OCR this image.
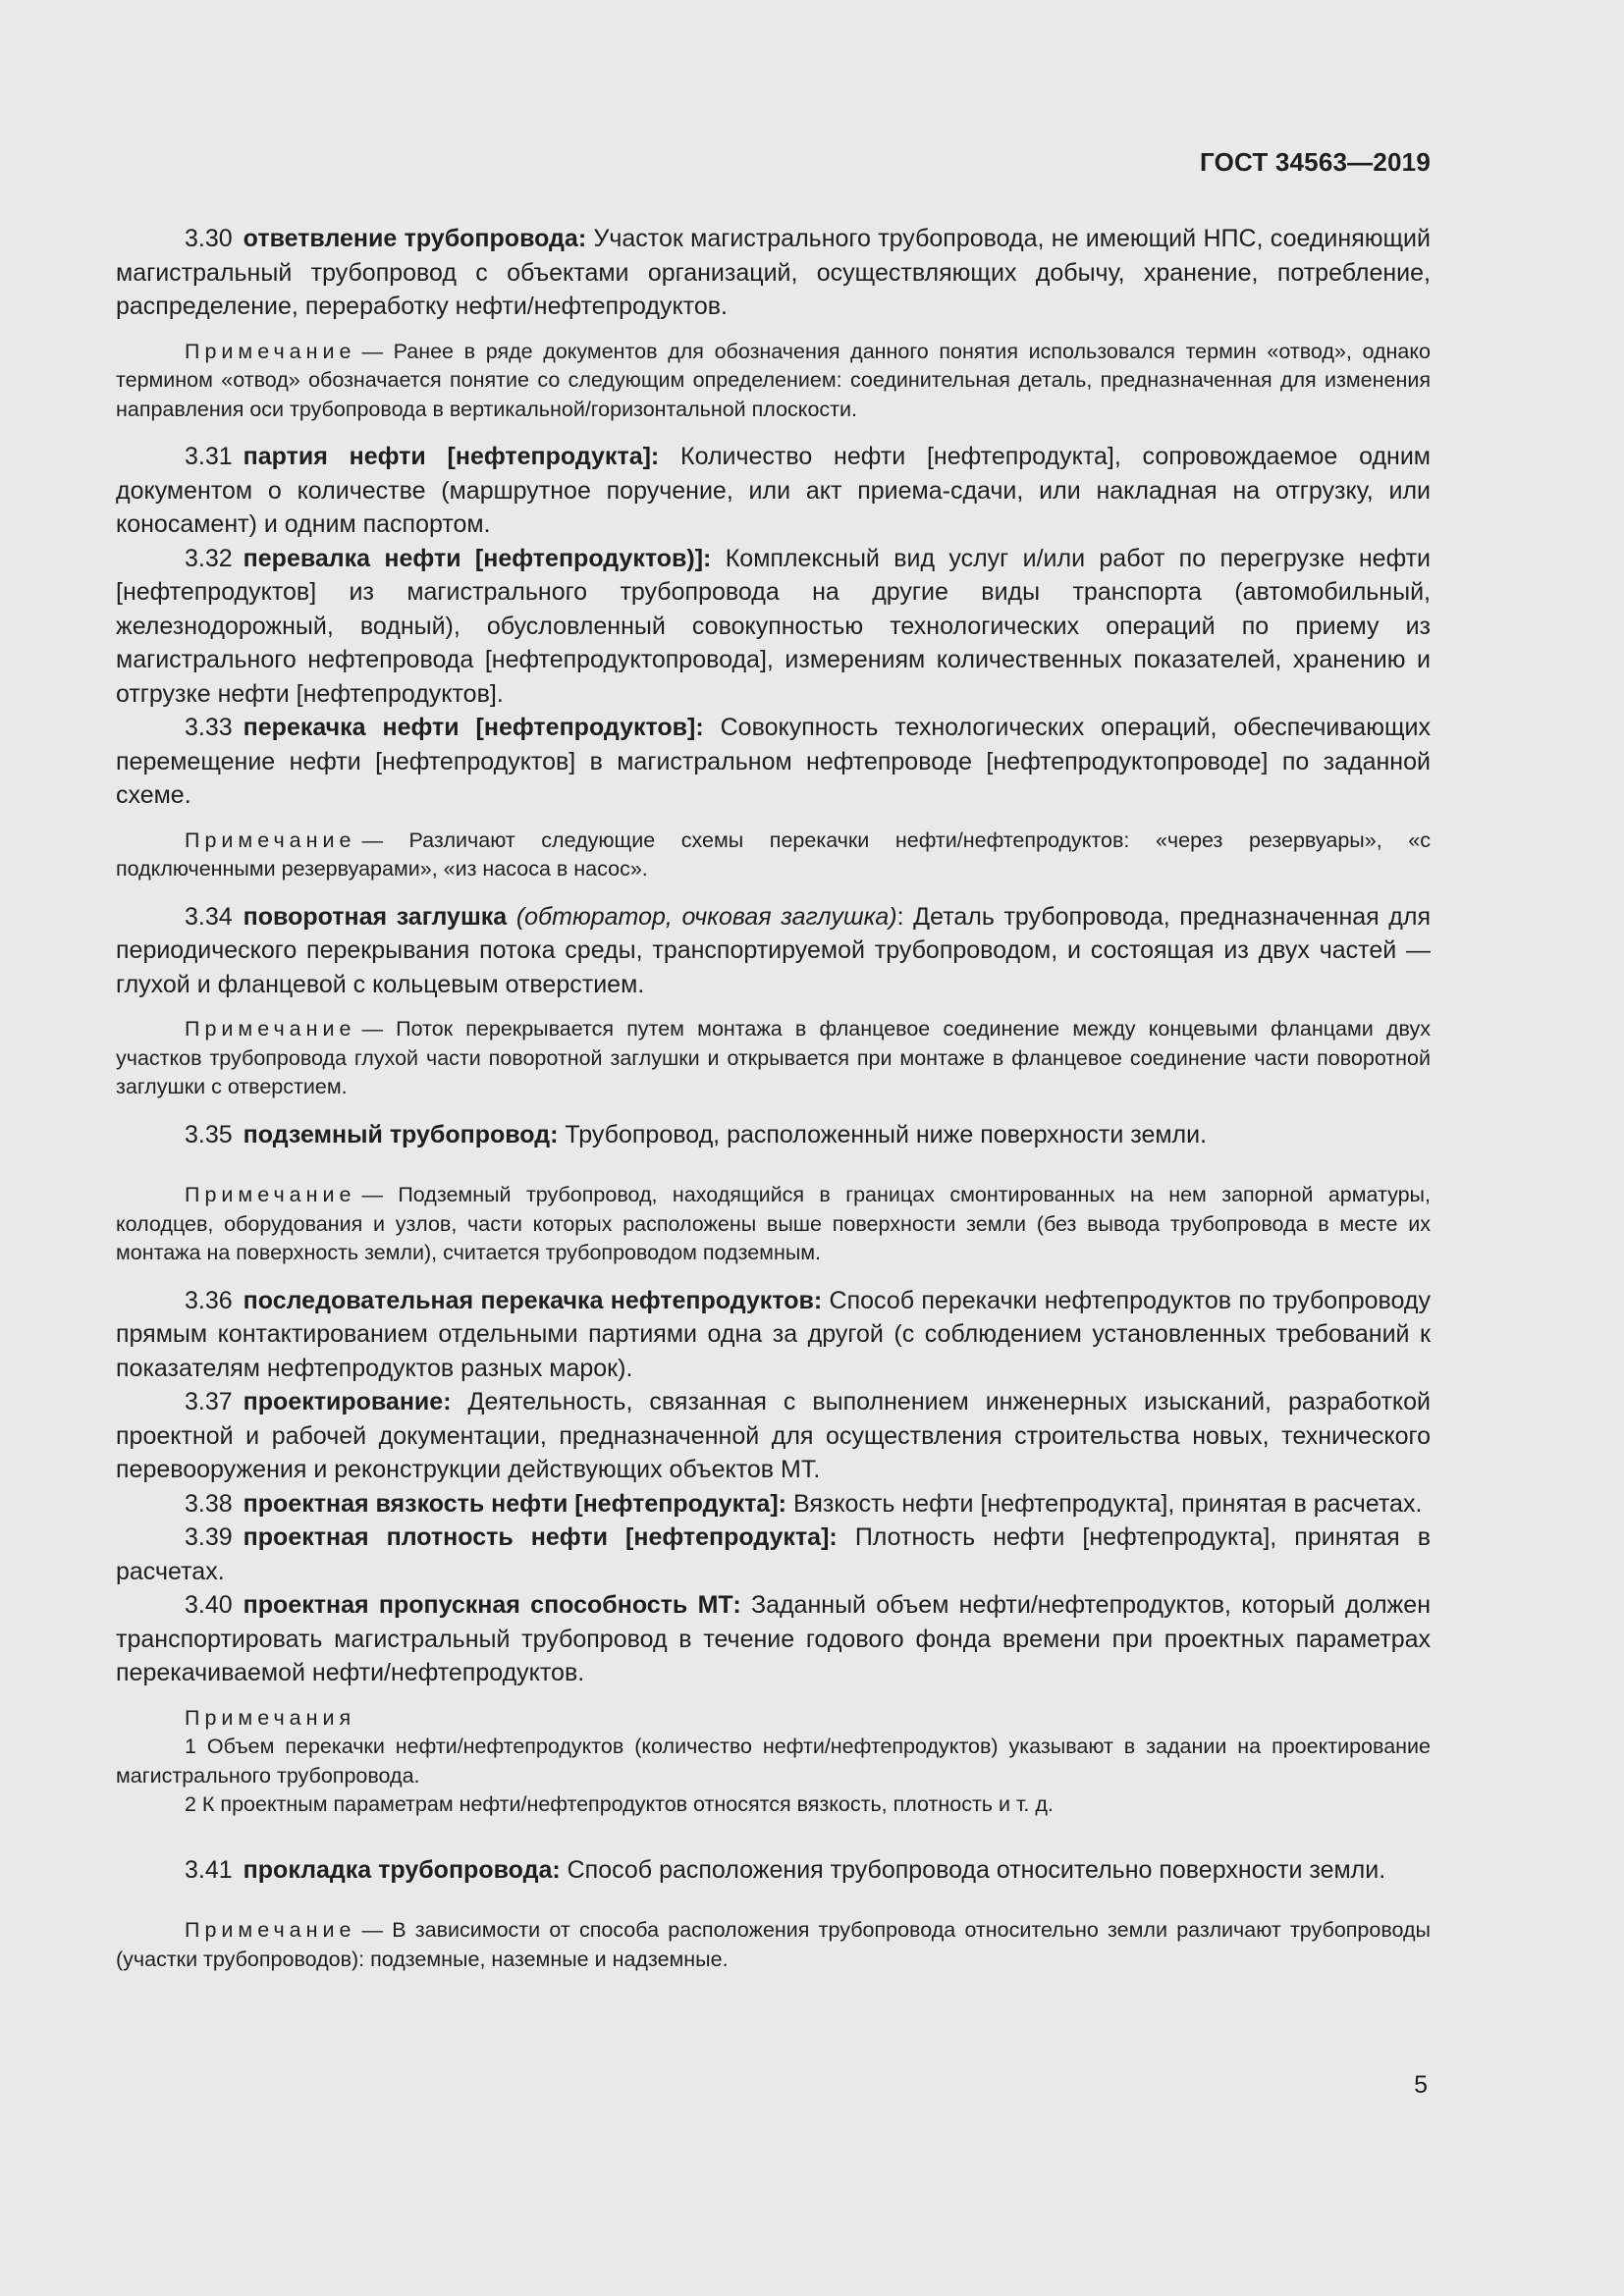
ГОСТ 34563—2019

3.30 ответвление трубопровода: Участок магистрального трубопровода, не имеющий НПС, соединяющий магистральный трубопровод с объектами организаций, осуществляющих добычу, хранение, потребление, распределение, переработку нефти/нефтепродуктов.

Примечание — Ранее в ряде документов для обозначения данного понятия использовался термин «отвод», однако термином «отвод» обозначается понятие со следующим определением: соединительная деталь, предназначенная для изменения направления оси трубопровода в вертикальной/горизонтальной плоскости.

3.31 партия нефти [нефтепродукта]: Количество нефти [нефтепродукта], сопровождаемое одним документом о количестве (маршрутное поручение, или акт приема-сдачи, или накладная на отгрузку, или коносамент) и одним паспортом.

3.32 перевалка нефти [нефтепродуктов)]: Комплексный вид услуг и/или работ по перегрузке нефти [нефтепродуктов] из магистрального трубопровода на другие виды транспорта (автомобильный, железнодорожный, водный), обусловленный совокупностью технологических операций по приему из магистрального нефтепровода [нефтепродуктопровода], измерениям количественных показателей, хранению и отгрузке нефти [нефтепродуктов].

3.33 перекачка нефти [нефтепродуктов]: Совокупность технологических операций, обеспечивающих перемещение нефти [нефтепродуктов] в магистральном нефтепроводе [нефтепродуктопроводе] по заданной схеме.

Примечание — Различают следующие схемы перекачки нефти/нефтепродуктов: «через резервуары», «с подключенными резервуарами», «из насоса в насос».

3.34 поворотная заглушка (обтюратор, очковая заглушка): Деталь трубопровода, предназначенная для периодического перекрывания потока среды, транспортируемой трубопроводом, и состоящая из двух частей — глухой и фланцевой с кольцевым отверстием.

Примечание — Поток перекрывается путем монтажа в фланцевое соединение между концевыми фланцами двух участков трубопровода глухой части поворотной заглушки и открывается при монтаже в фланцевое соединение части поворотной заглушки с отверстием.

3.35 подземный трубопровод: Трубопровод, расположенный ниже поверхности земли.

Примечание — Подземный трубопровод, находящийся в границах смонтированных на нем запорной арматуры, колодцев, оборудования и узлов, части которых расположены выше поверхности земли (без вывода трубопровода в месте их монтажа на поверхность земли), считается трубопроводом подземным.

3.36 последовательная перекачка нефтепродуктов: Способ перекачки нефтепродуктов по трубопроводу прямым контактированием отдельными партиями одна за другой (с соблюдением установленных требований к показателям нефтепродуктов разных марок).

3.37 проектирование: Деятельность, связанная с выполнением инженерных изысканий, разработкой проектной и рабочей документации, предназначенной для осуществления строительства новых, технического перевооружения и реконструкции действующих объектов МТ.

3.38 проектная вязкость нефти [нефтепродукта]: Вязкость нефти [нефтепродукта], принятая в расчетах.

3.39 проектная плотность нефти [нефтепродукта]: Плотность нефти [нефтепродукта], принятая в расчетах.

3.40 проектная пропускная способность МТ: Заданный объем нефти/нефтепродуктов, который должен транспортировать магистральный трубопровод в течение годового фонда времени при проектных параметрах перекачиваемой нефти/нефтепродуктов.

Примечания

1 Объем перекачки нефти/нефтепродуктов (количество нефти/нефтепродуктов) указывают в задании на проектирование магистрального трубопровода.

2 К проектным параметрам нефти/нефтепродуктов относятся вязкость, плотность и т. д.

3.41 прокладка трубопровода: Способ расположения трубопровода относительно поверхности земли.

Примечание — В зависимости от способа расположения трубопровода относительно земли различают трубопроводы (участки трубопроводов): подземные, наземные и надземные.

5
